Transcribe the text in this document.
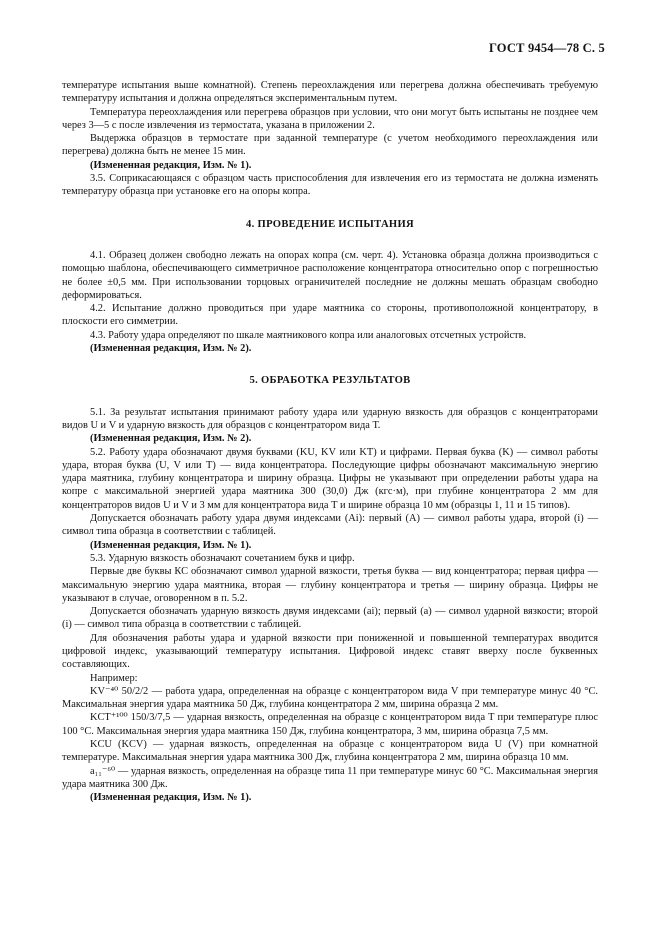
ГОСТ 9454—78 С. 5

температуре испытания выше комнатной). Степень переохлаждения или перегрева должна обеспечивать требуемую температуру испытания и должна определяться экспериментальным путем.

Температура переохлаждения или перегрева образцов при условии, что они могут быть испытаны не позднее чем через 3—5 с после извлечения из термостата, указана в приложении 2.

Выдержка образцов в термостате при заданной температуре (с учетом необходимого переохлаждения или перегрева) должна быть не менее 15 мин.

(Измененная редакция, Изм. № 1).

3.5. Соприкасающаяся с образцом часть приспособления для извлечения его из термостата не должна изменять температуру образца при установке его на опоры копра.

4. ПРОВЕДЕНИЕ ИСПЫТАНИЯ

4.1. Образец должен свободно лежать на опорах копра (см. черт. 4). Установка образца должна производиться с помощью шаблона, обеспечивающего симметричное расположение концентратора относительно опор с погрешностью не более ±0,5 мм. При использовании торцовых ограничителей последние не должны мешать образцам свободно деформироваться.

4.2. Испытание должно проводиться при ударе маятника со стороны, противоположной концентратору, в плоскости его симметрии.

4.3. Работу удара определяют по шкале маятникового копра или аналоговых отсчетных устройств.

(Измененная редакция, Изм. № 2).

5. ОБРАБОТКА РЕЗУЛЬТАТОВ

5.1. За результат испытания принимают работу удара или ударную вязкость для образцов с концентраторами видов U и V и ударную вязкость для образцов с концентратором вида Т.

(Измененная редакция, Изм. № 2).

5.2. Работу удара обозначают двумя буквами (KU, KV или KT) и цифрами. Первая буква (K) — символ работы удара, вторая буква (U, V или T) — вида концентратора. Последующие цифры обозначают максимальную энергию удара маятника, глубину концентратора и ширину образца. Цифры не указывают при определении работы удара на копре с максимальной энергией удара маятника 300 (30,0) Дж (кгс·м), при глубине концентратора 2 мм для концентраторов видов U и V и 3 мм для концентратора вида Т и ширине образца 10 мм (образцы 1, 11 и 15 типов).

Допускается обозначать работу удара двумя индексами (Ai): первый (A) — символ работы удара, второй (i) — символ типа образца в соответствии с таблицей.

(Измененная редакция, Изм. № 1).

5.3. Ударную вязкость обозначают сочетанием букв и цифр.

Первые две буквы КС обозначают символ ударной вязкости, третья буква — вид концентратора; первая цифра — максимальную энергию удара маятника, вторая — глубину концентратора и третья — ширину образца. Цифры не указывают в случае, оговоренном в п. 5.2.

Допускается обозначать ударную вязкость двумя индексами (ai); первый (a) — символ ударной вязкости; второй (i) — символ типа образца в соответствии с таблицей.

Для обозначения работы удара и ударной вязкости при пониженной и повышенной температурах вводится цифровой индекс, указывающий температуру испытания. Цифровой индекс ставят вверху после буквенных составляющих.

Например:

KV⁻⁴⁰ 50/2/2 — работа удара, определенная на образце с концентратором вида V при температуре минус 40 °С. Максимальная энергия удара маятника 50 Дж, глубина концентратора 2 мм, ширина образца 2 мм.

KCT⁺¹⁰⁰ 150/3/7,5 — ударная вязкость, определенная на образце с концентратором вида Т при температуре плюс 100 °С. Максимальная энергия удара маятника 150 Дж, глубина концентратора, 3 мм, ширина образца 7,5 мм.

KCU (KCV) — ударная вязкость, определенная на образце с концентратором вида U (V) при комнатной температуре. Максимальная энергия удара маятника 300 Дж, глубина концентратора 2 мм, ширина образца 10 мм.

a₁₁⁻⁶⁰ — ударная вязкость, определенная на образце типа 11 при температуре минус 60 °С. Максимальная энергия удара маятника 300 Дж.

(Измененная редакция, Изм. № 1).
